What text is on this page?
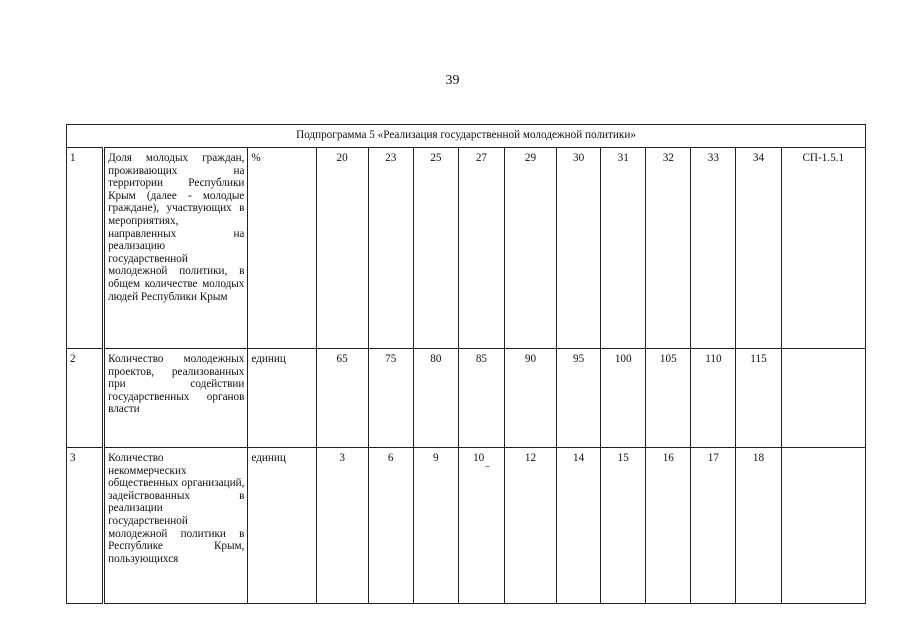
39
Подпрограмма 5 «Реализация государственной молодежной политики»													
1	Доля молодых граждан, проживающих на территории Республики Крым (далее - молодые граждане), участвующих в мероприятиях, направленных на реализацию государственной молодежной политики, в общем количестве молодых людей Республики Крым	%	20	23	25	27	29	30	31	32	33	34	СП-1.5.1
2	Количество молодежных проектов, реализованных при содействии государственных органов власти	единиц	65	75	80	85	90	95	100	105	110	115	
3	Количество некоммерческих общественных организаций, задействованных в реализации государственной молодежной политики в Республике Крым, пользующихся	единиц	3	6	9	10_	12	14	15	16	17	18	
